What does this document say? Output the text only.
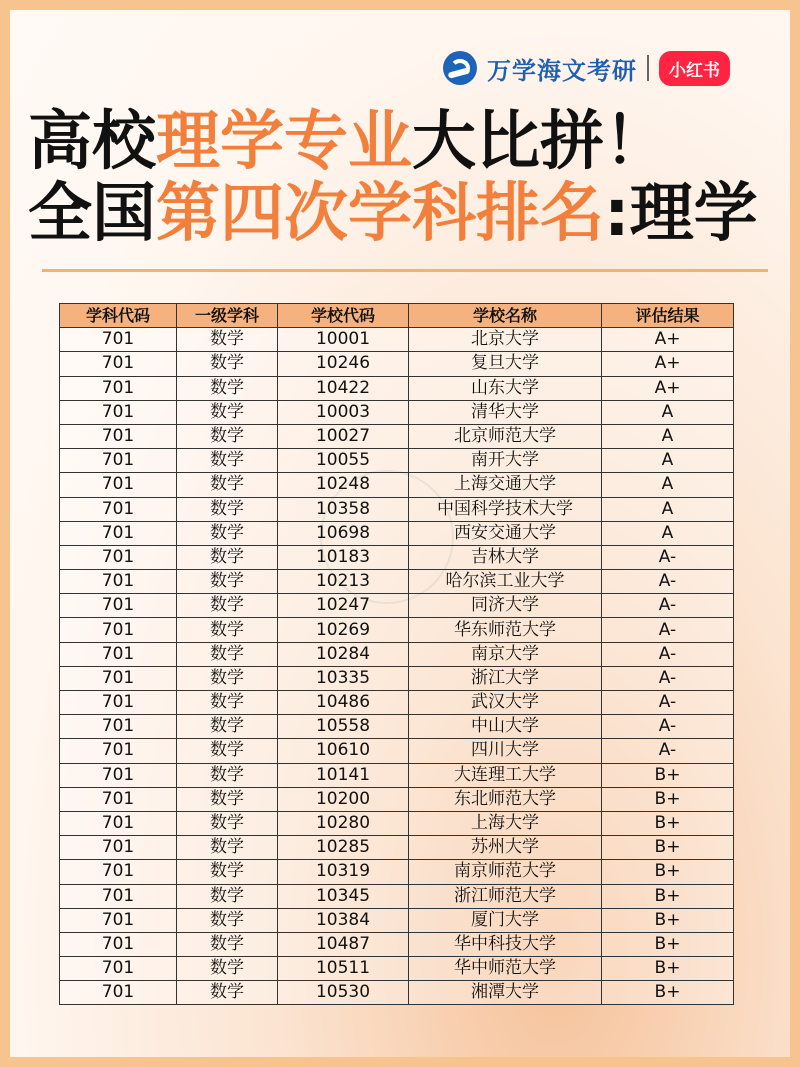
万学海文考研	小红书
高校理学专业大比拼！
全国第四次学科排名:理学
学科代码	一级学科	学校代码	学校名称	评估结果
701	数学	10001	北京大学	A+
701	数学	10246	复旦大学	A+
701	数学	10422	山东大学	A+
701	数学	10003	清华大学	A
701	数学	10027	北京师范大学	A
701	数学	10055	南开大学	A
701	数学	10248	上海交通大学	A
701	数学	10358	中国科学技术大学	A
701	数学	10698	西安交通大学	A
701	数学	10183	吉林大学	A-
701	数学	10213	哈尔滨工业大学	A-
701	数学	10247	同济大学	A-
701	数学	10269	华东师范大学	A-
701	数学	10284	南京大学	A-
701	数学	10335	浙江大学	A-
701	数学	10486	武汉大学	A-
701	数学	10558	中山大学	A-
701	数学	10610	四川大学	A-
701	数学	10141	大连理工大学	B+
701	数学	10200	东北师范大学	B+
701	数学	10280	上海大学	B+
701	数学	10285	苏州大学	B+
701	数学	10319	南京师范大学	B+
701	数学	10345	浙江师范大学	B+
701	数学	10384	厦门大学	B+
701	数学	10487	华中科技大学	B+
701	数学	10511	华中师范大学	B+
701	数学	10530	湘潭大学	B+
